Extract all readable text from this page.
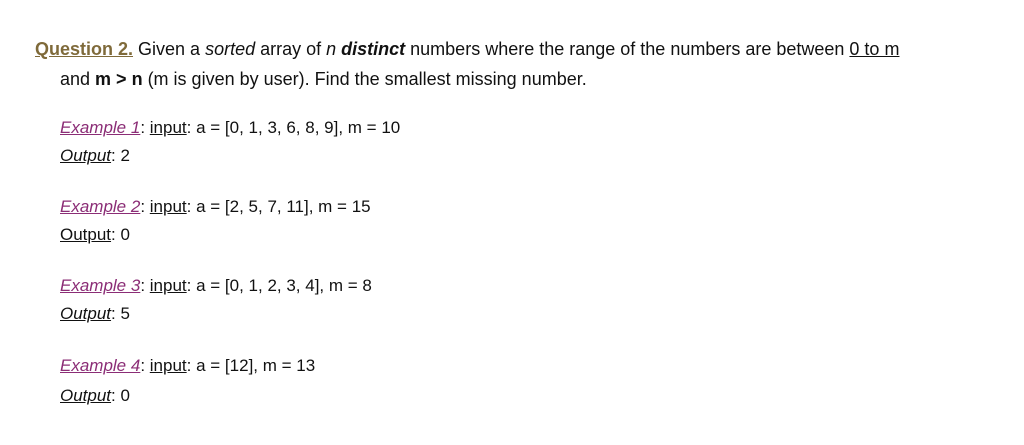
Question 2. Given a sorted array of n distinct numbers where the range of the numbers are between 0 to m
and m > n (m is given by user). Find the smallest missing number.
Example 1: input: a = [0, 1, 3, 6, 8, 9], m = 10
Output: 2
Example 2: input: a = [2, 5, 7, 11], m = 15
Output: 0
Example 3: input: a = [0, 1, 2, 3, 4], m = 8
Output: 5
Example 4: input: a = [12], m = 13
Output: 0
